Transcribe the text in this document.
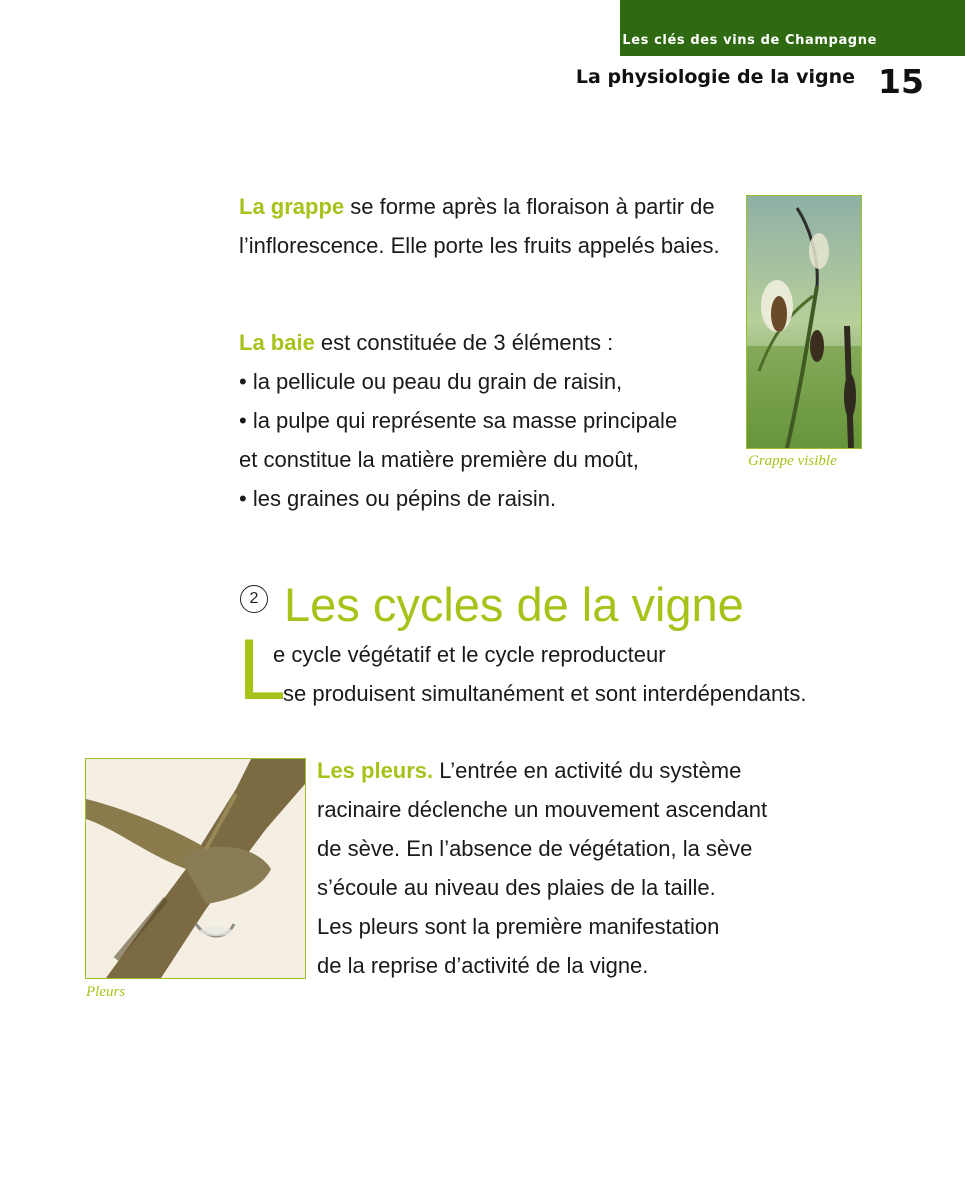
Les clés des vins de Champagne
La physiologie de la vigne 15

La grappe se forme après la floraison à partir de l’inflorescence. Elle porte les fruits appelés baies.

La baie est constituée de 3 éléments :
• la pellicule ou peau du grain de raisin,
• la pulpe qui représente sa masse principale
et constitue la matière première du moût,
• les graines ou pépins de raisin.
Grappe visible
2 Les cycles de la vigne
L
e cycle végétatif et le cycle reproducteur
se produisent simultanément et sont interdépendants.
Pleurs
Les pleurs. L’entrée en activité du système
racinaire déclenche un mouvement ascendant
de sève. En l’absence de végétation, la sève
s’écoule au niveau des plaies de la taille.
Les pleurs sont la première manifestation
de la reprise d’activité de la vigne.
